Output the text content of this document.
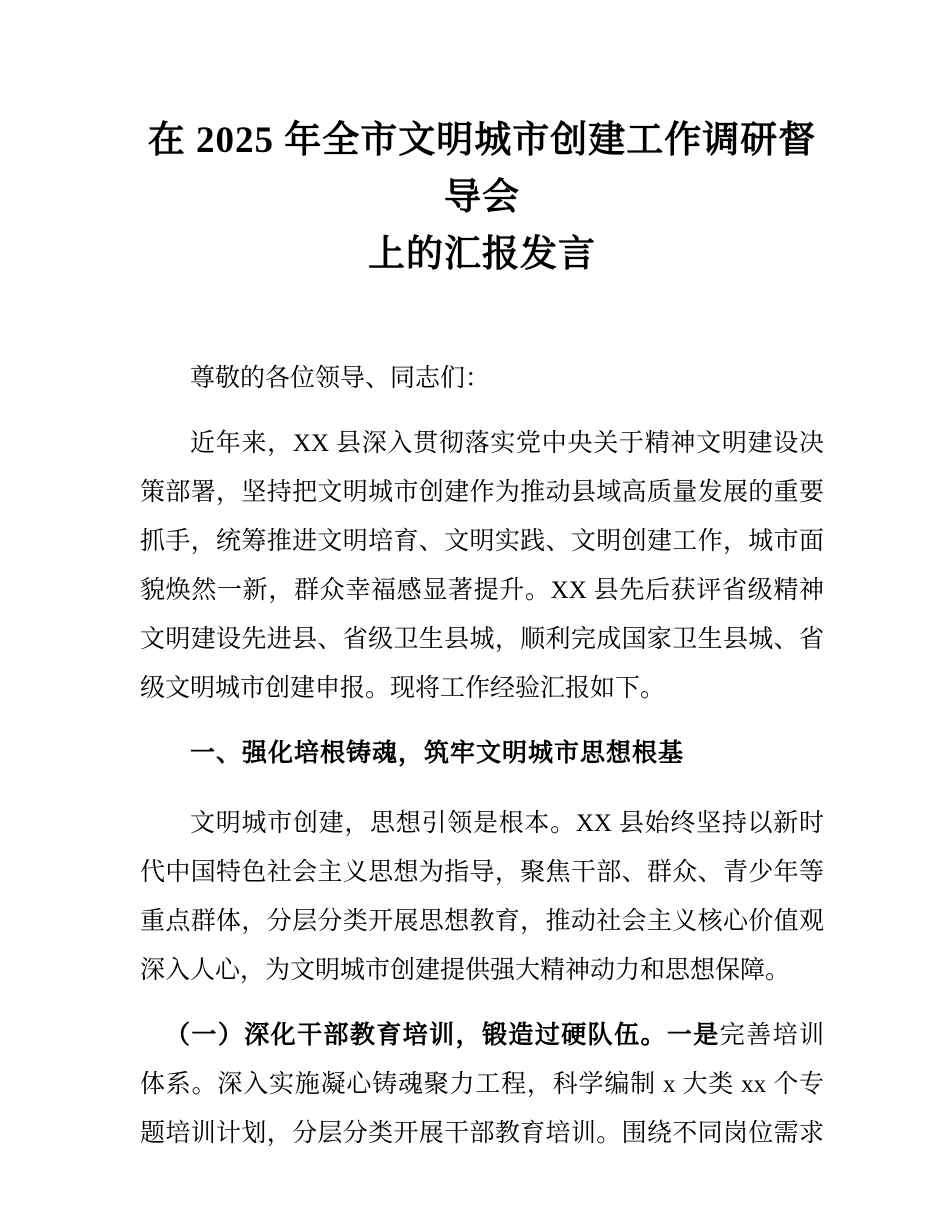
在 2025 年全市文明城市创建工作调研督导会
上的汇报发言
尊敬的各位领导、同志们：
近年来，XX 县深入贯彻落实党中央关于精神文明建设决
策部署，坚持把文明城市创建作为推动县域高质量发展的重要
抓手，统筹推进文明培育、文明实践、文明创建工作，城市面
貌焕然一新，群众幸福感显著提升。XX 县先后获评省级精神
文明建设先进县、省级卫生县城，顺利完成国家卫生县城、省
级文明城市创建申报。现将工作经验汇报如下。
一、强化培根铸魂，筑牢文明城市思想根基
文明城市创建，思想引领是根本。XX 县始终坚持以新时
代中国特色社会主义思想为指导，聚焦干部、群众、青少年等
重点群体，分层分类开展思想教育，推动社会主义核心价值观
深入人心，为文明城市创建提供强大精神动力和思想保障。
（一）深化干部教育培训，锻造过硬队伍。一是完善培训
体系。深入实施凝心铸魂聚力工程，科学编制 x 大类 xx 个专
题培训计划，分层分类开展干部教育培训。围绕不同岗位需求
